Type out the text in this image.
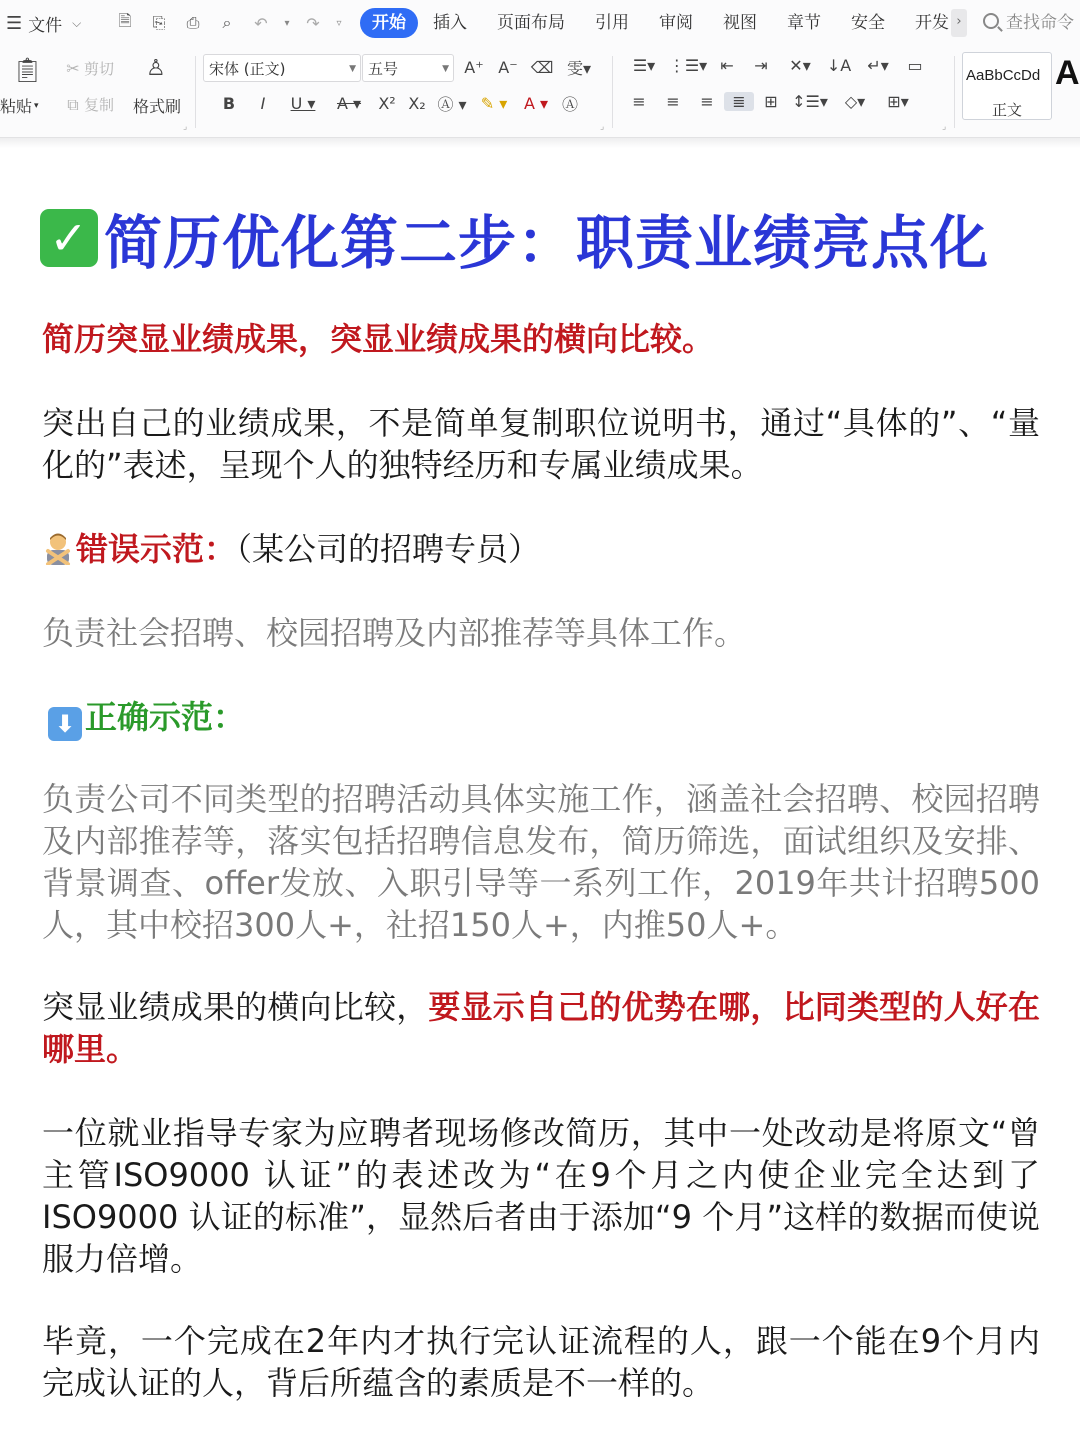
☰ 文件 ⌵	🗎	⎘	⎙	⌕	↶	▾	↷	▿	开始	插入	页面布局	引用	审阅	视图	章节	安全	开发 ›	查找命令
📋︎
粘贴 ▾
✂ 剪切
⧉ 复制
♙
格式刷
⌟
宋体 (正文)	▼ 五号	▼ A⁺ A⁻ ⌫ 雯▾
B	I	U ▾	A ▾	X² X₂ Ⓐ ▾ ✎ ▾	A ▾ Ⓐ
⌟
☰▾ ⋮☰▾ ⇤	⇥	✕▾	↓A	↵▾	▭
≡	≡	≡	≣	⊞ ↕☰▾	◇▾	⊞▾
⌟
AaBbCcDd
正文
A
✓ 简历优化第二步：职责业绩亮点化
简历突显业绩成果，突显业绩成果的横向比较。
突出自己的业绩成果，不是简单复制职位说明书，通过“具体的”、“量化的”表述，呈现个人的独特经历和专属业绩成果。
错误示范：（某公司的招聘专员）
负责社会招聘、校园招聘及内部推荐等具体工作。
⬇ 正确示范：
负责公司不同类型的招聘活动具体实施工作，涵盖社会招聘、校园招聘及内部推荐等，落实包括招聘信息发布，简历筛选，面试组织及安排、背景调查、offer发放、入职引导等一系列工作，2019年共计招聘500人，其中校招300人+，社招150人+，内推50人+。
突显业绩成果的横向比较，要显示自己的优势在哪，比同类型的人好在哪里。
一位就业指导专家为应聘者现场修改简历，其中一处改动是将原文“曾主管ISO9000 认证”的表述改为“在9个月之内使企业完全达到了ISO9000 认证的标准”，显然后者由于添加“9 个月”这样的数据而使说服力倍增。
毕竟，一个完成在2年内才执行完认证流程的人，跟一个能在9个月内完成认证的人，背后所蕴含的素质是不一样的。
